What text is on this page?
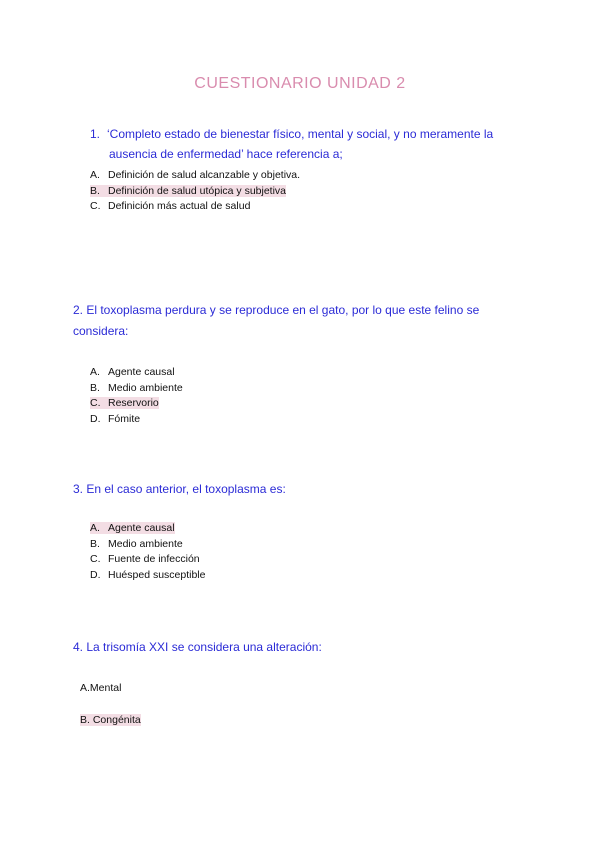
CUESTIONARIO UNIDAD 2
1. ‘Completo estado de bienestar físico, mental y social, y no meramente la
ausencia de enfermedad’ hace referencia a;
A. Definición de salud alcanzable y objetiva.
B. Definición de salud utópica y subjetiva
C. Definición más actual de salud
2. El toxoplasma perdura y se reproduce en el gato, por lo que este felino se
considera:
A. Agente causal
B. Medio ambiente
C. Reservorio
D. Fómite
3. En el caso anterior, el toxoplasma es:
A. Agente causal
B. Medio ambiente
C. Fuente de infección
D. Huésped susceptible
4. La trisomía XXI se considera una alteración:
A.Mental
B. Congénita
